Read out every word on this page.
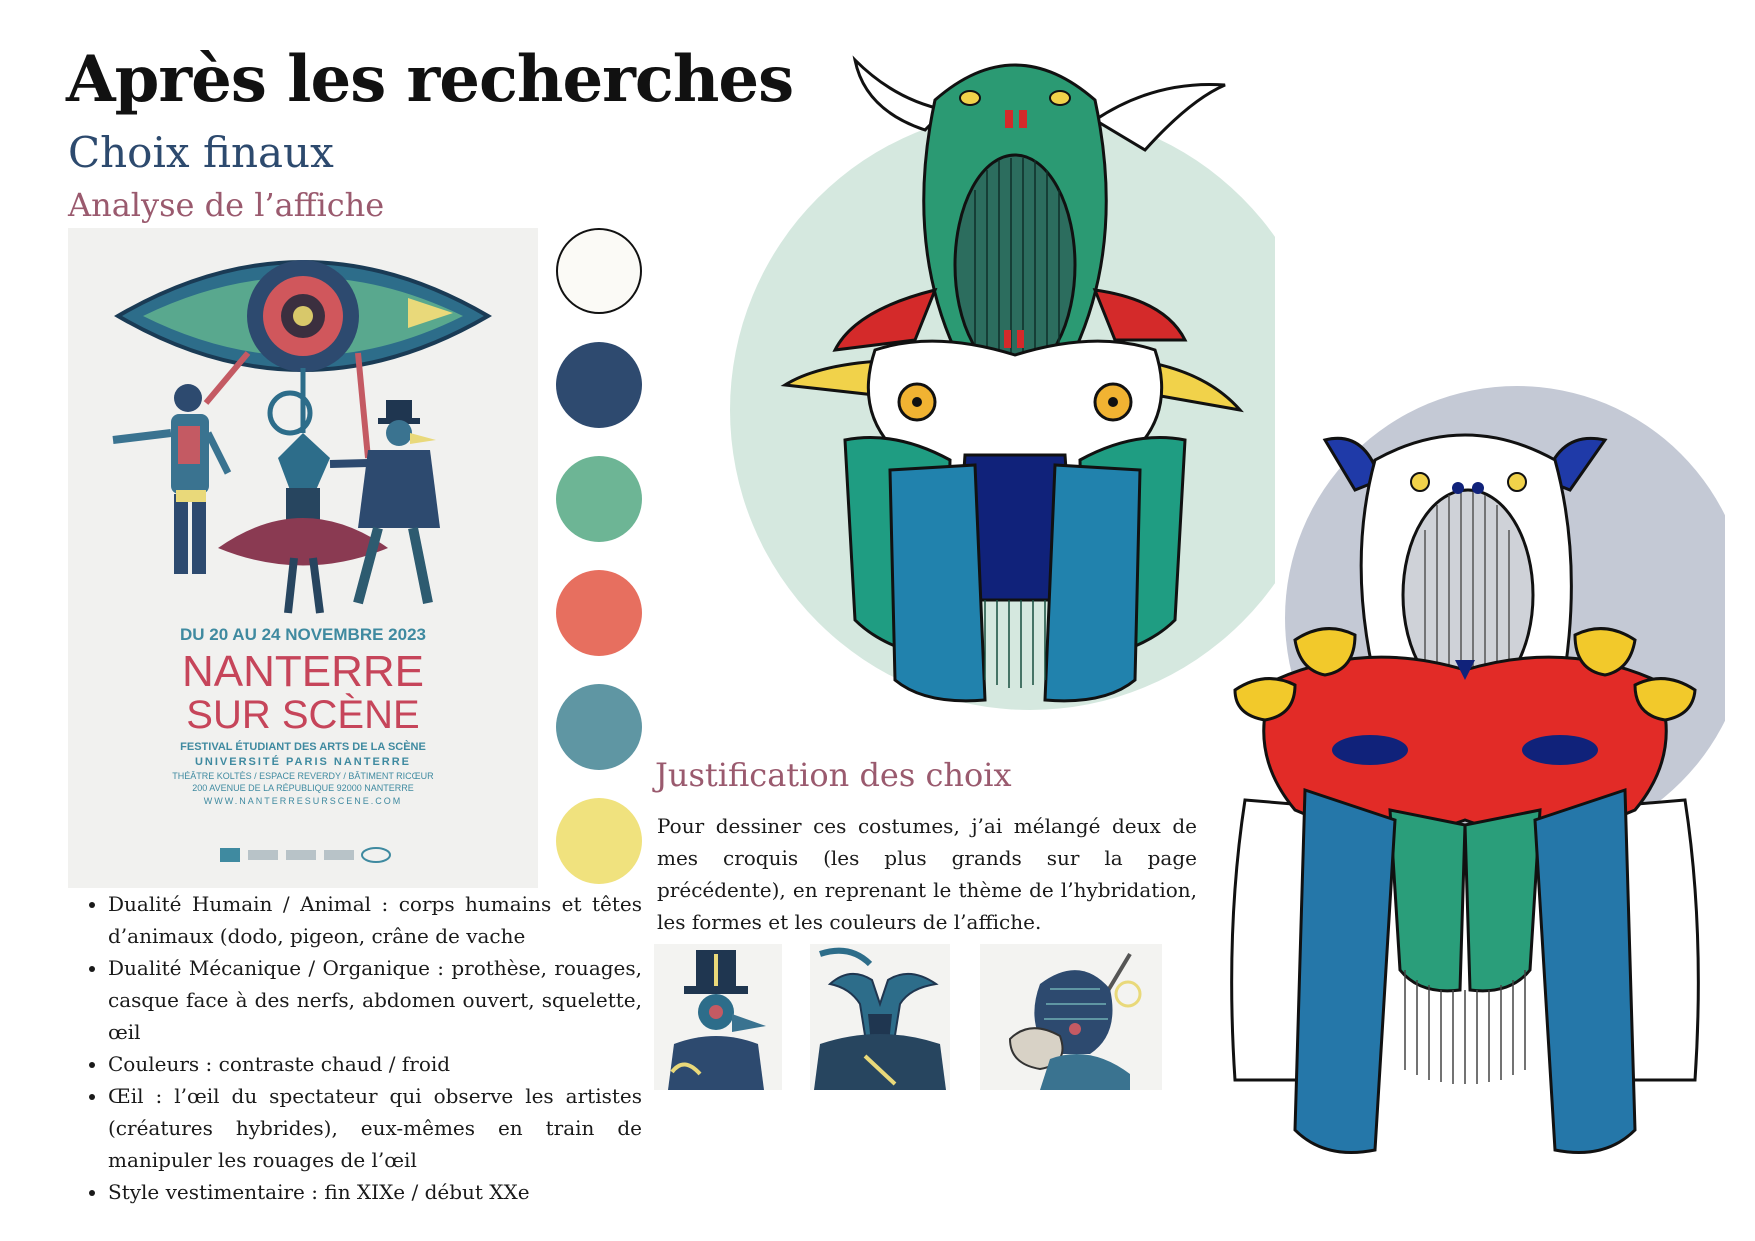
Après les recherches
Choix finaux
Analyse de l’affiche
DU 20 AU 24 NOVEMBRE 2023
NANTERRE
SUR SCÈNE
FESTIVAL ÉTUDIANT DES ARTS DE LA SCÈNE
UNIVERSITÉ PARIS NANTERRE
THÉÂTRE KOLTÈS / ESPACE REVERDY / BÂTIMENT RICŒUR
200 AVENUE DE LA RÉPUBLIQUE 92000 NANTERRE
WWW.NANTERRESURSCENE.COM
• Dualité Humain / Animal : corps humains et têtes d’animaux (dodo, pigeon, crâne de vache
• Dualité Mécanique / Organique : prothèse, rouages, casque face à des nerfs, abdomen ouvert, squelette, œil
• Couleurs : contraste chaud / froid
• Œil : l’œil du spectateur qui observe les artistes (créatures hybrides), eux-mêmes en train de manipuler les rouages de l’œil
• Style vestimentaire : fin XIXe / début XXe
Justification des choix
Pour dessiner ces costumes, j’ai mélangé deux de mes croquis (les plus grands sur la page précédente), en reprenant le thème de l’hybridation, les formes et les couleurs de l’affiche.
